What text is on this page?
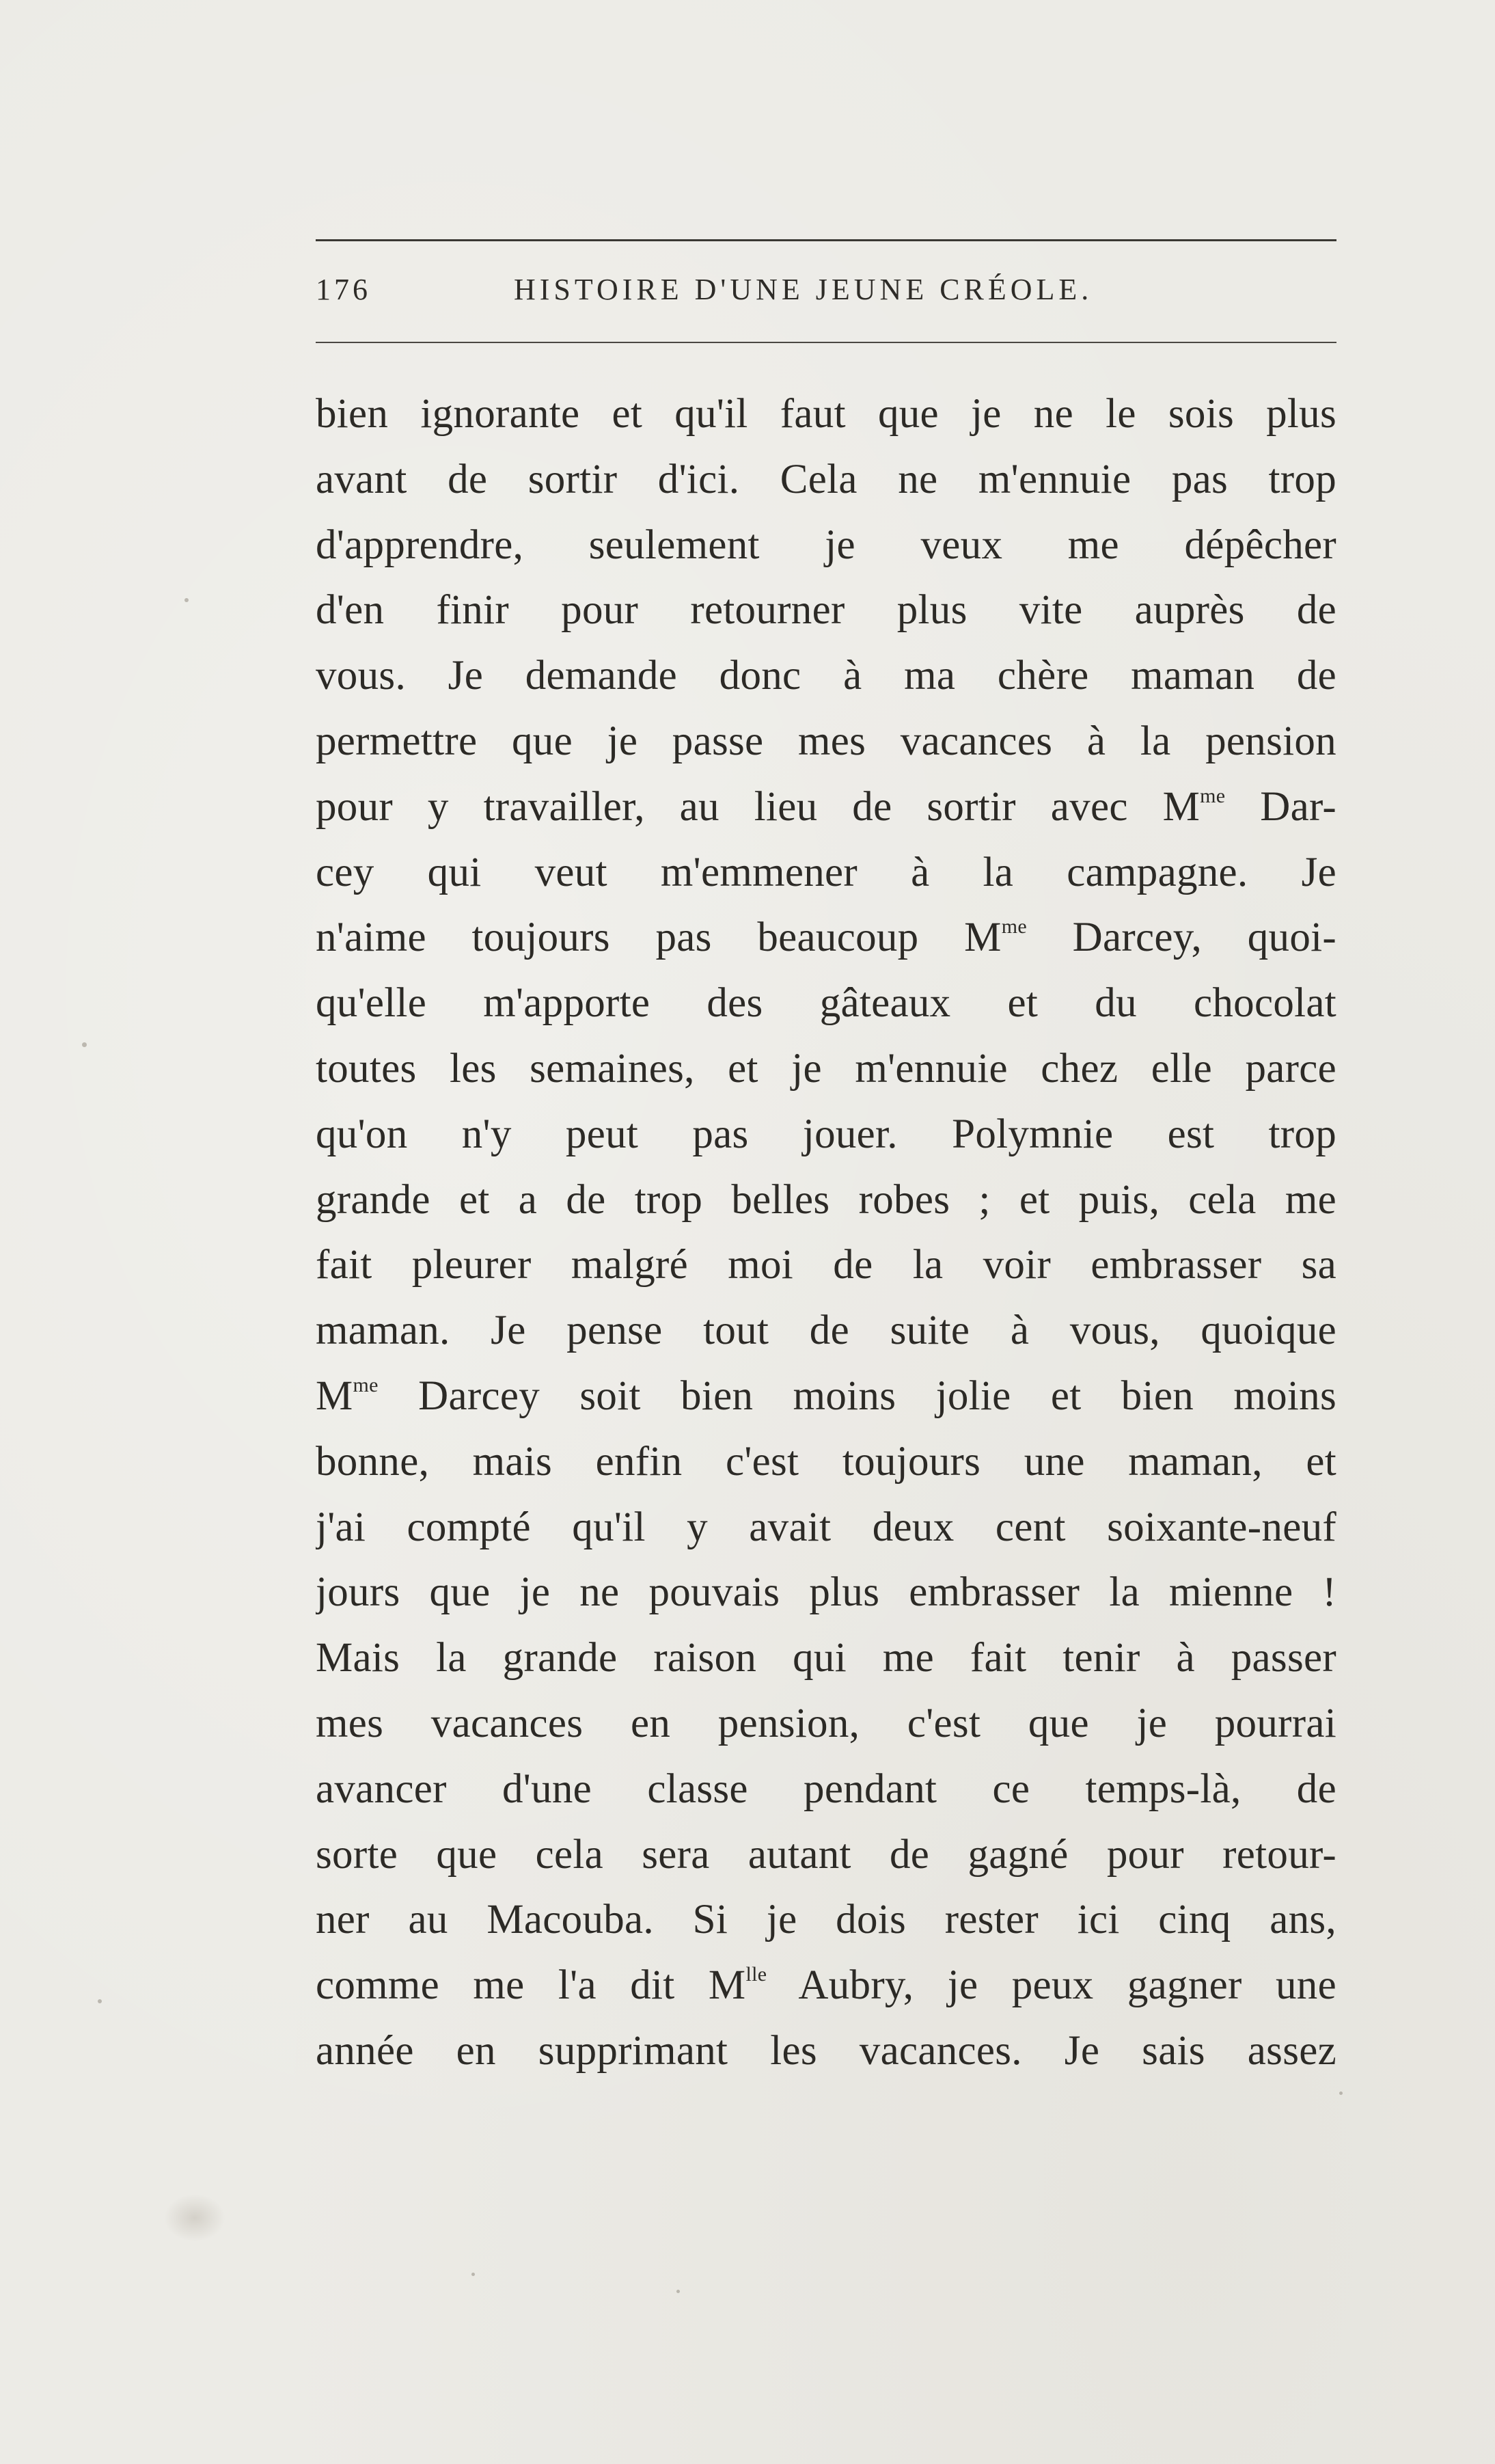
176	HISTOIRE D'UNE JEUNE CRÉOLE.
bien ignorante et qu'il faut que je ne le sois plus
avant de sortir d'ici. Cela ne m'ennuie pas trop
d'apprendre, seulement je veux me dépêcher
d'en finir pour retourner plus vite auprès de
vous. Je demande donc à ma chère maman de
permettre que je passe mes vacances à la pension
pour y travailler, au lieu de sortir avec $M^{me}$ Dar-
cey qui veut m'emmener à la campagne. Je
n'aime toujours pas beaucoup $M^{me}$ Darcey, quoi-
qu'elle m'apporte des gâteaux et du chocolat
toutes les semaines, et je m'ennuie chez elle parce
qu'on n'y peut pas jouer. Polymnie est trop
grande et a de trop belles robes ; et puis, cela me
fait pleurer malgré moi de la voir embrasser sa
maman. Je pense tout de suite à vous, quoique
$M^{me}$ Darcey soit bien moins jolie et bien moins
bonne, mais enfin c'est toujours une maman, et
j'ai compté qu'il y avait deux cent soixante-neuf
jours que je ne pouvais plus embrasser la mienne !
Mais la grande raison qui me fait tenir à passer
mes vacances en pension, c'est que je pourrai
avancer d'une classe pendant ce temps-là, de
sorte que cela sera autant de gagné pour retour-
ner au Macouba. Si je dois rester ici cinq ans,
comme me l'a dit $M^{lle}$ Aubry, je peux gagner une
année en supprimant les vacances. Je sais assez
